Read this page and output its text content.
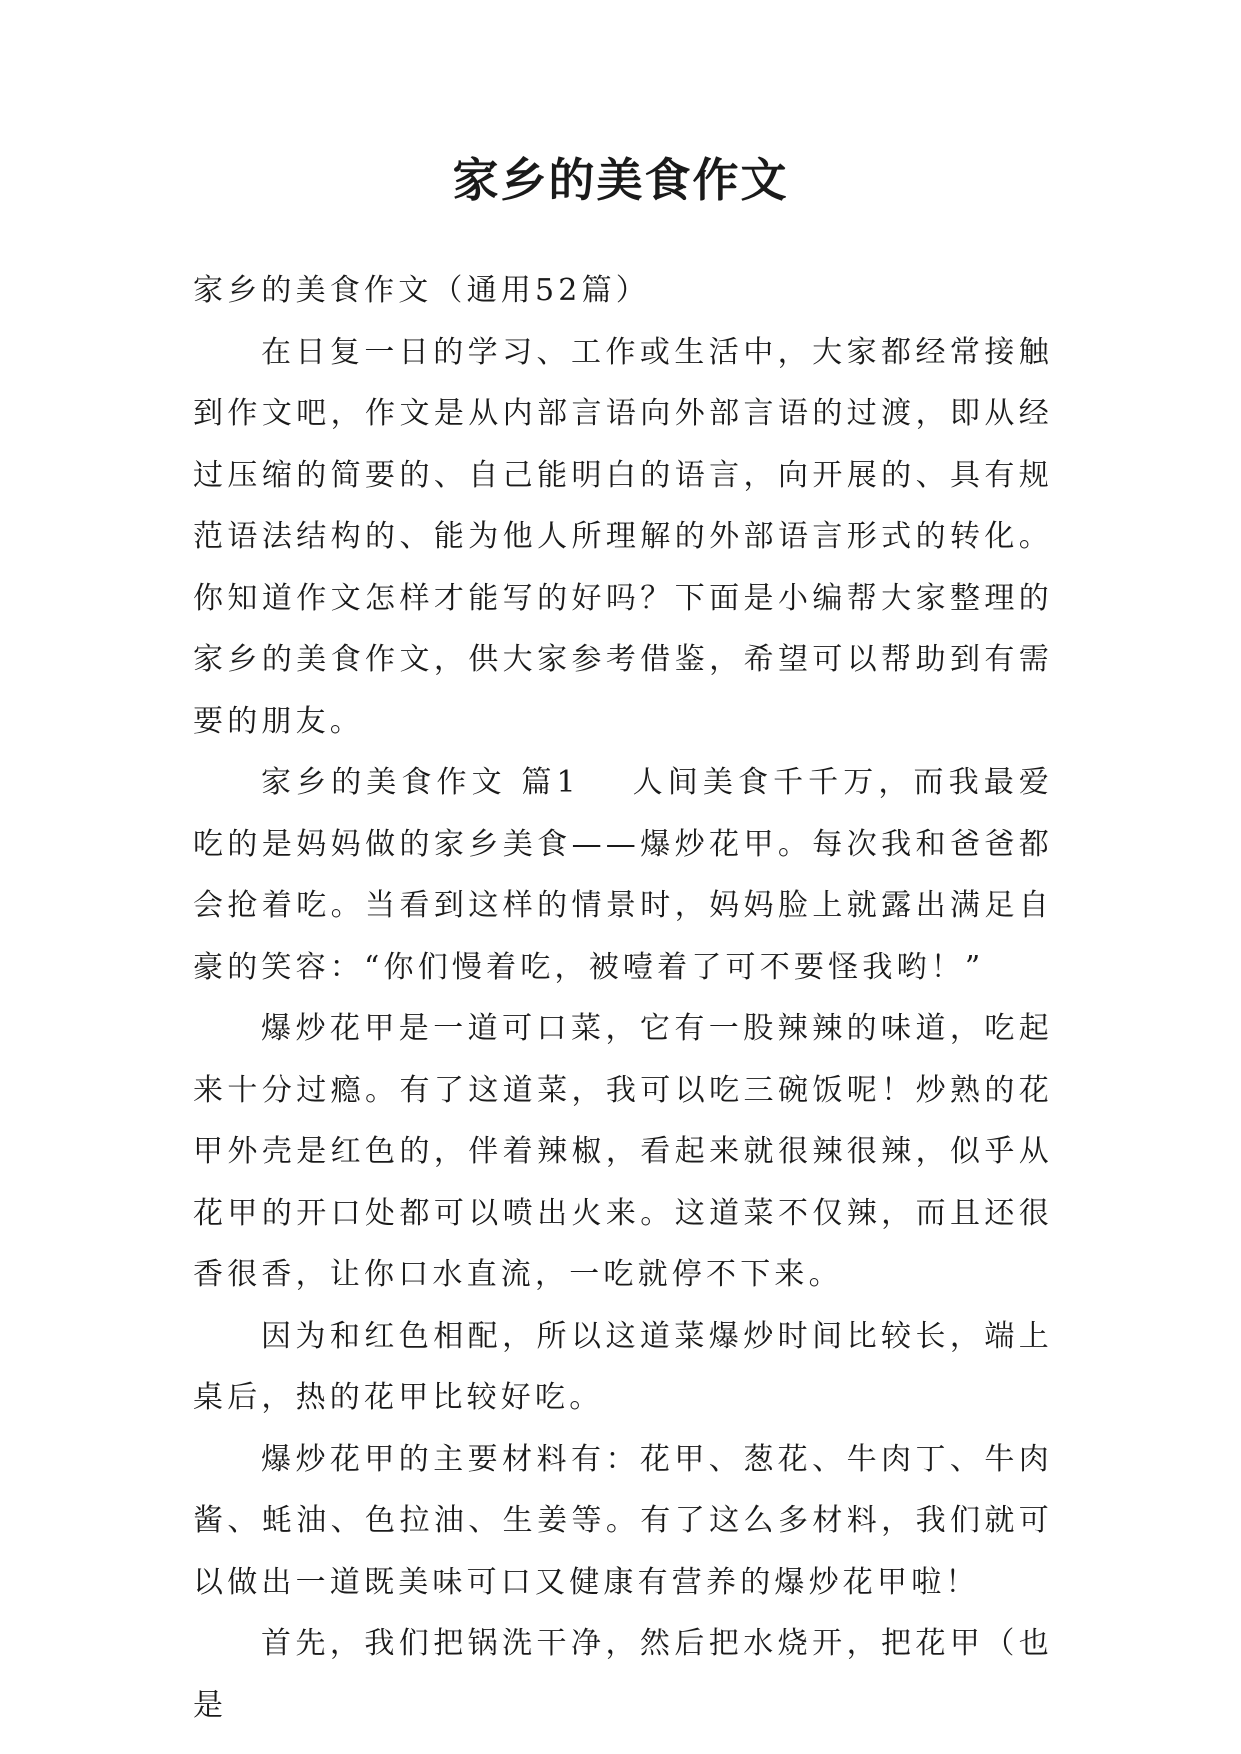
家乡的美食作文

家乡的美食作文（通用52篇）

在日复一日的学习、工作或生活中，大家都经常接触到作文吧，作文是从内部言语向外部言语的过渡，即从经过压缩的简要的、自己能明白的语言，向开展的、具有规范语法结构的、能为他人所理解的外部语言形式的转化。你知道作文怎样才能写的好吗？下面是小编帮大家整理的家乡的美食作文，供大家参考借鉴，希望可以帮助到有需要的朋友。

家乡的美食作文 篇1 人间美食千千万，而我最爱吃的是妈妈做的家乡美食——爆炒花甲。每次我和爸爸都会抢着吃。当看到这样的情景时，妈妈脸上就露出满足自豪的笑容：“你们慢着吃，被噎着了可不要怪我哟！”

爆炒花甲是一道可口菜，它有一股辣辣的味道，吃起来十分过瘾。有了这道菜，我可以吃三碗饭呢！炒熟的花甲外壳是红色的，伴着辣椒，看起来就很辣很辣，似乎从花甲的开口处都可以喷出火来。这道菜不仅辣，而且还很香很香，让你口水直流，一吃就停不下来。

因为和红色相配，所以这道菜爆炒时间比较长，端上桌后，热的花甲比较好吃。

爆炒花甲的主要材料有：花甲、葱花、牛肉丁、牛肉酱、蚝油、色拉油、生姜等。有了这么多材料，我们就可以做出一道既美味可口又健康有营养的爆炒花甲啦！

首先，我们把锅洗干净，然后把水烧开，把花甲（也是
